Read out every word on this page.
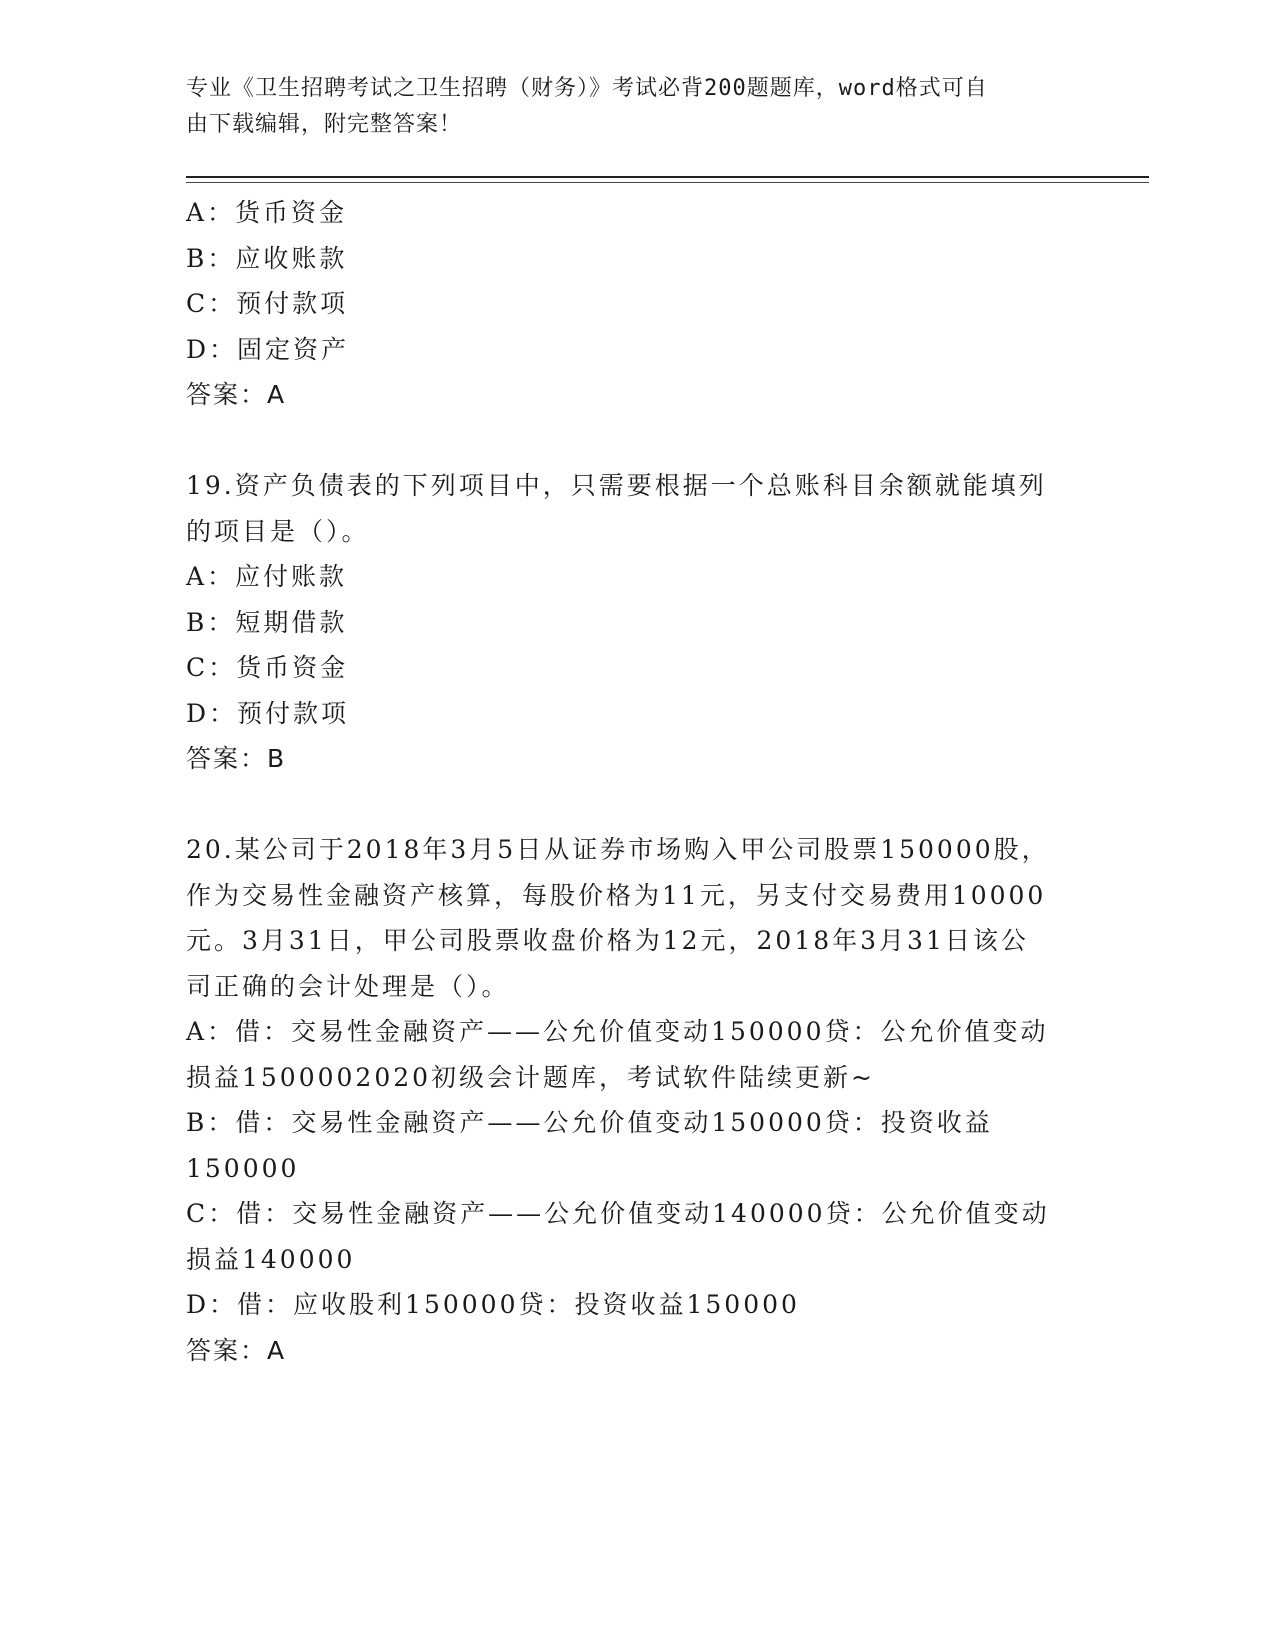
专业《卫生招聘考试之卫生招聘（财务）》考试必背200题题库，word格式可自
由下载编辑，附完整答案！
A：货币资金
B：应收账款
C：预付款项
D：固定资产
答案：A
19.资产负债表的下列项目中，只需要根据一个总账科目余额就能填列
的项目是（）。
A：应付账款
B：短期借款
C：货币资金
D：预付款项
答案：B
20.某公司于2018年3月5日从证券市场购入甲公司股票150000股，
作为交易性金融资产核算，每股价格为11元，另支付交易费用10000
元。3月31日，甲公司股票收盘价格为12元，2018年3月31日该公
司正确的会计处理是（）。
A：借：交易性金融资产——公允价值变动150000贷：公允价值变动
损益1500002020初级会计题库，考试软件陆续更新~
B：借：交易性金融资产——公允价值变动150000贷：投资收益
150000
C：借：交易性金融资产——公允价值变动140000贷：公允价值变动
损益140000
D：借：应收股利150000贷：投资收益150000
答案：A
